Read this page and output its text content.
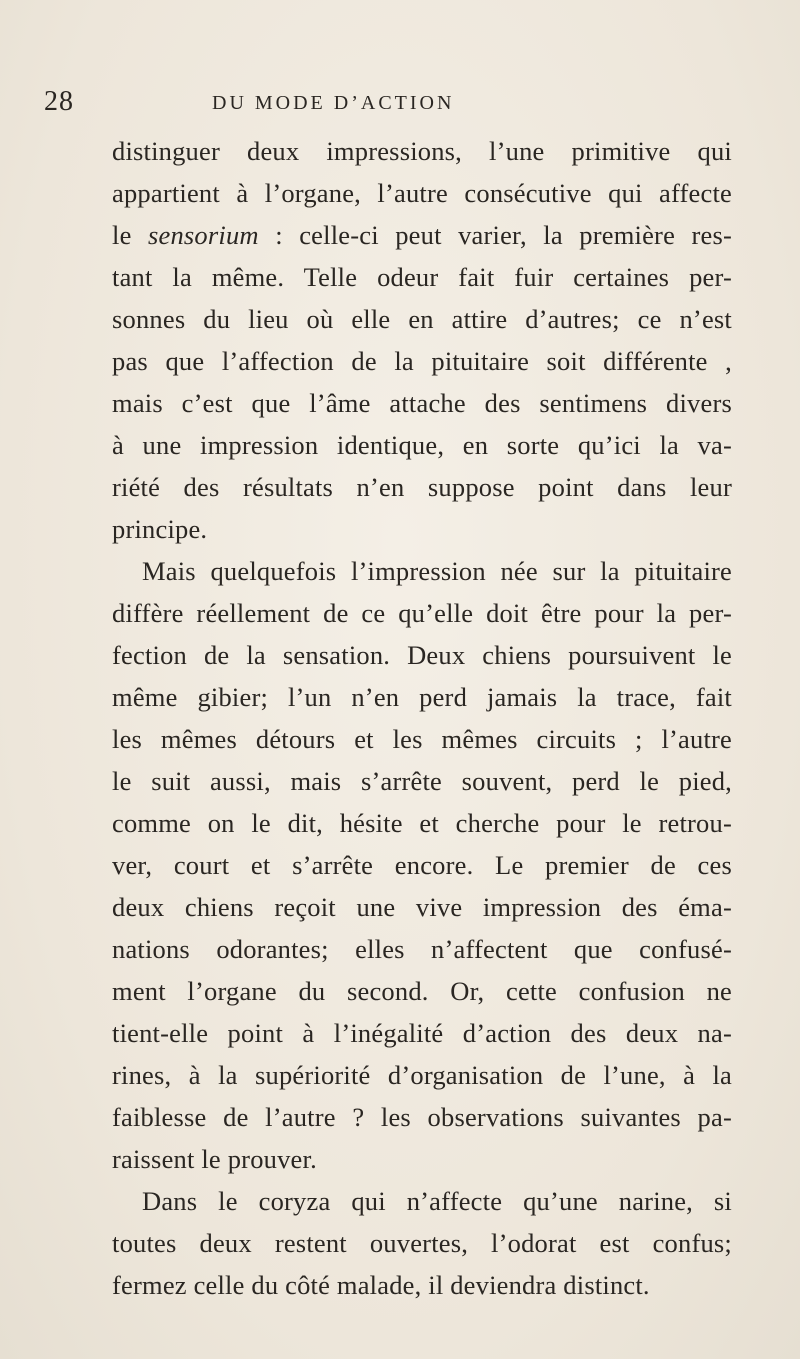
28	DU MODE D’ACTION
distinguer deux impressions, l’une primitive qui
appartient à l’organe, l’autre consécutive qui affecte
le sensorium : celle-ci peut varier, la première res-
tant la même. Telle odeur fait fuir certaines per-
sonnes du lieu où elle en attire d’autres; ce n’est
pas que l’affection de la pituitaire soit différente ,
mais c’est que l’âme attache des sentimens divers
à une impression identique, en sorte qu’ici la va-
riété des résultats n’en suppose point dans leur
principe.
Mais quelquefois l’impression née sur la pituitaire
diffère réellement de ce qu’elle doit être pour la per-
fection de la sensation. Deux chiens poursuivent le
même gibier; l’un n’en perd jamais la trace, fait
les mêmes détours et les mêmes circuits ; l’autre
le suit aussi, mais s’arrête souvent, perd le pied,
comme on le dit, hésite et cherche pour le retrou-
ver, court et s’arrête encore. Le premier de ces
deux chiens reçoit une vive impression des éma-
nations odorantes; elles n’affectent que confusé-
ment l’organe du second. Or, cette confusion ne
tient-elle point à l’inégalité d’action des deux na-
rines, à la supériorité d’organisation de l’une, à la
faiblesse de l’autre ? les observations suivantes pa-
raissent le prouver.
Dans le coryza qui n’affecte qu’une narine, si
toutes deux restent ouvertes, l’odorat est confus;
fermez celle du côté malade, il deviendra distinct.
